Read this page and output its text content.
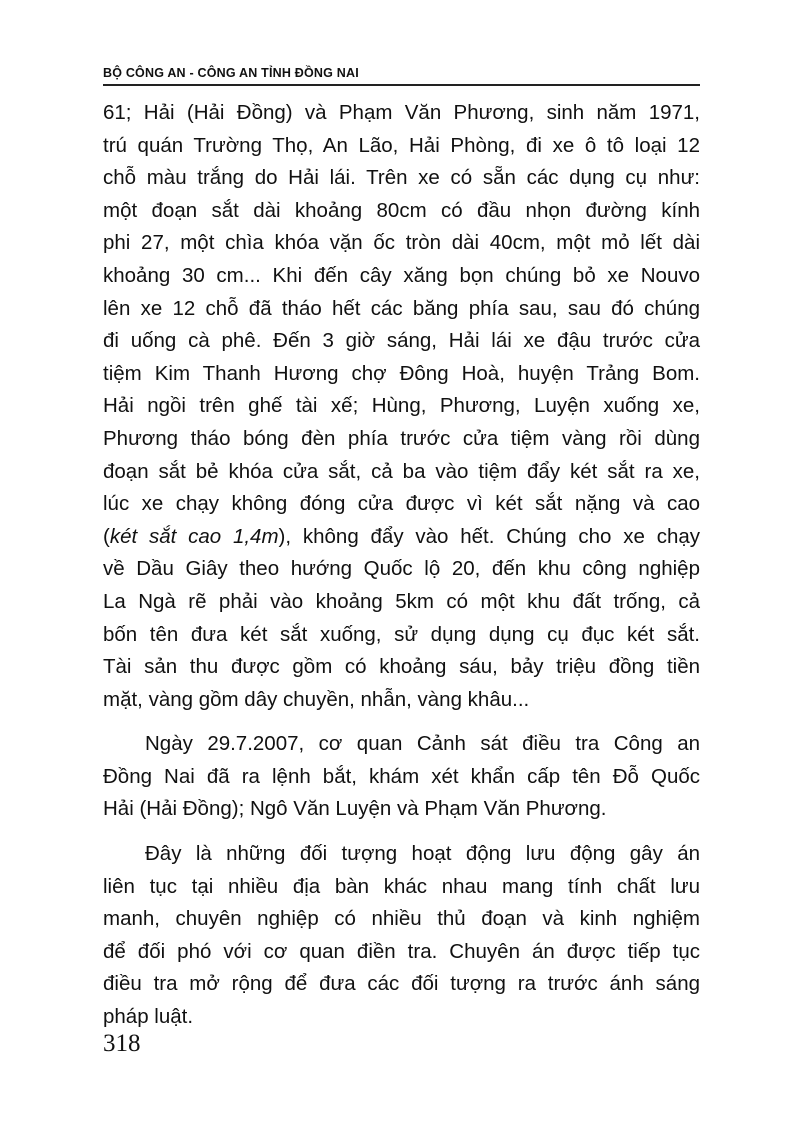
BỘ CÔNG AN - CÔNG AN TỈNH ĐỒNG NAI
61; Hải (Hải Đồng) và Phạm Văn Phương, sinh năm 1971,
trú quán Trường Thọ, An Lão, Hải Phòng, đi xe ô tô loại 12
chỗ màu trắng do Hải lái. Trên xe có sẵn các dụng cụ như:
một đoạn sắt dài khoảng 80cm có đầu nhọn đường kính
phi 27, một chìa khóa vặn ốc tròn dài 40cm, một mỏ lết dài
khoảng 30 cm... Khi đến cây xăng bọn chúng bỏ xe Nouvo
lên xe 12 chỗ đã tháo hết các băng phía sau, sau đó chúng
đi uống cà phê. Đến 3 giờ sáng, Hải lái xe đậu trước cửa
tiệm Kim Thanh Hương chợ Đông Hoà, huyện Trảng Bom.
Hải ngồi trên ghế tài xế; Hùng, Phương, Luyện xuống xe,
Phương tháo bóng đèn phía trước cửa tiệm vàng rồi dùng
đoạn sắt bẻ khóa cửa sắt, cả ba vào tiệm đẩy két sắt ra xe,
lúc xe chạy không đóng cửa được vì két sắt nặng và cao
(két sắt cao 1,4m), không đẩy vào hết. Chúng cho xe chạy
về Dầu Giây theo hướng Quốc lộ 20, đến khu công nghiệp
La Ngà rẽ phải vào khoảng 5km có một khu đất trống, cả
bốn tên đưa két sắt xuống, sử dụng dụng cụ đục két sắt.
Tài sản thu được gồm có khoảng sáu, bảy triệu đồng tiền
mặt, vàng gồm dây chuyền, nhẫn, vàng khâu...
Ngày 29.7.2007, cơ quan Cảnh sát điều tra Công an
Đồng Nai đã ra lệnh bắt, khám xét khẩn cấp tên Đỗ Quốc
Hải (Hải Đồng); Ngô Văn Luyện và Phạm Văn Phương.
Đây là những đối tượng hoạt động lưu động gây án
liên tục tại nhiều địa bàn khác nhau mang tính chất lưu
manh, chuyên nghiệp có nhiều thủ đoạn và kinh nghiệm
để đối phó với cơ quan điền tra. Chuyên án được tiếp tục
điều tra mở rộng để đưa các đối tượng ra trước ánh sáng
pháp luật.
318
